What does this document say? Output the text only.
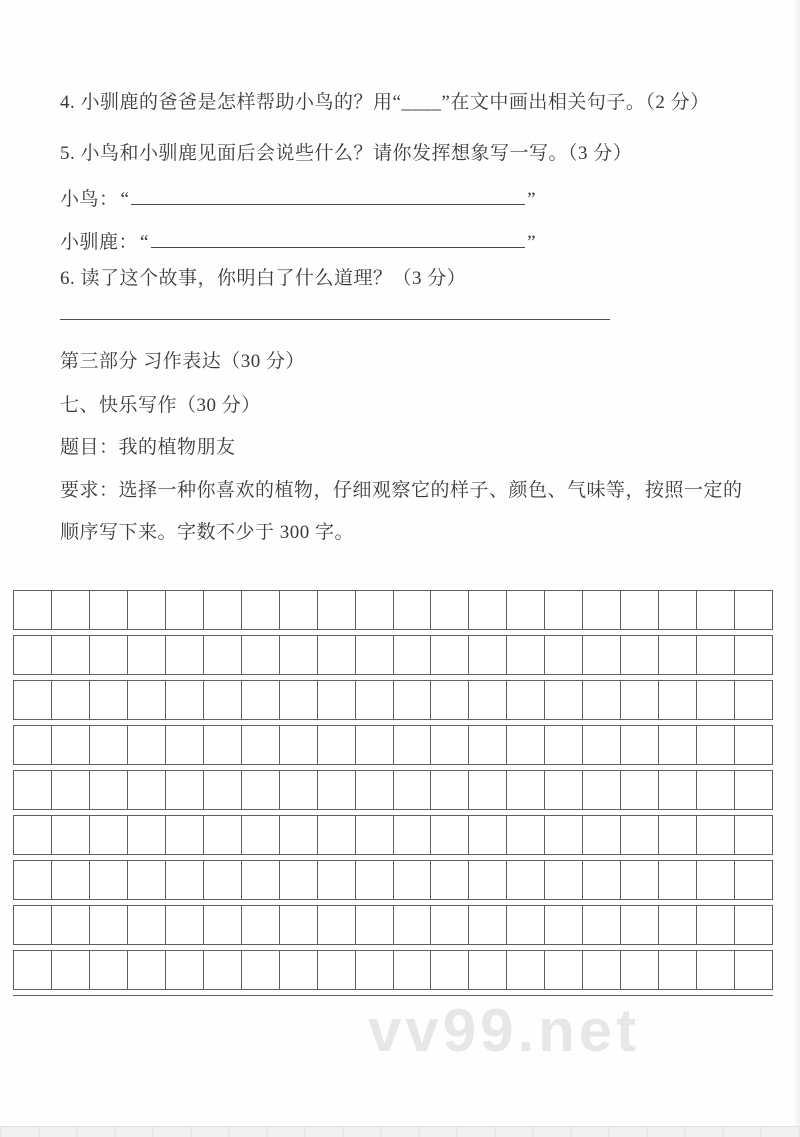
4. 小驯鹿的爸爸是怎样帮助小鸟的？用“____”在文中画出相关句子。（2 分）
5. 小鸟和小驯鹿见面后会说些什么？请你发挥想象写一写。（3 分）
小鸟： “	”
小驯鹿： “	”
6. 读了这个故事，你明白了什么道理？（3 分）
第三部分 习作表达（30 分）
七、快乐写作（30 分）
题目：我的植物朋友
要求：选择一种你喜欢的植物，仔细观察它的样子、颜色、气味等，按照一定的
顺序写下来。字数不少于 300 字。
vv99.net
